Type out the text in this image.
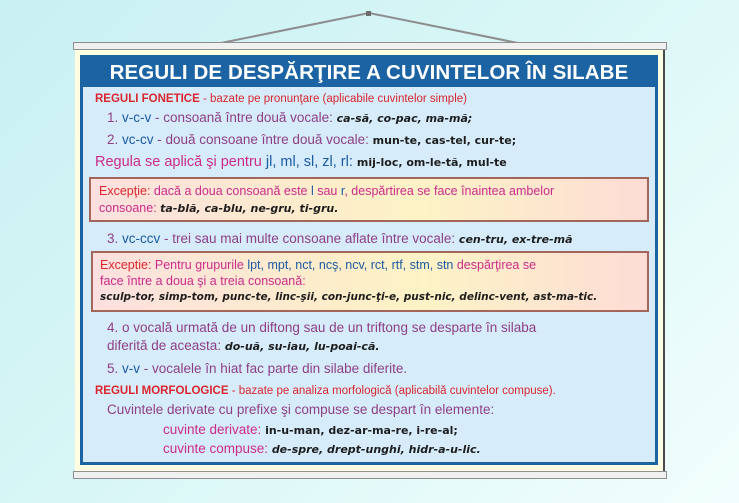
REGULI DE DESPĂRŢIRE A CUVINTELOR ÎN SILABE
REGULI FONETICE - bazate pe pronunţare (aplicabile cuvintelor simple)
1. v-c-v - consoană între două vocale: ca-să, co-pac, ma-mă;
2. vc-cv - două consoane între două vocale: mun-te, cas-tel, cur-te;
Regula se aplică şi pentru jl, ml, sl, zl, rl: mij-loc, om-le-tă, mul-te
Excepţie: dacă a doua consoană este l sau r, despărtirea se face înaintea ambelor
consoane: ta-blă, ca-blu, ne-gru, ti-gru.
3. vc-ccv - trei sau mai multe consoane aflate între vocale: cen-tru, ex-tre-mă
Exceptie: Pentru grupurile lpt, mpt, nct, ncş, ncv, rct, rtf, stm, stn despărţirea se
face între a doua şi a treia consoană:
sculp-tor, simp-tom, punc-te, linc-şii, con-junc-ţi-e, pust-nic, delinc-vent, ast-ma-tic.
4. o vocală urmată de un diftong sau de un triftong se desparte în silaba
diferită de aceasta: do-uă, su-iau, lu-poai-că.
5. v-v - vocalele în hiat fac parte din silabe diferite.
REGULI MORFOLOGICE - bazate pe analiza morfologică (aplicabilă cuvintelor compuse).
Cuvintele derivate cu prefixe şi compuse se despart în elemente:
cuvinte derivate: in-u-man, dez-ar-ma-re, i-re-al;
cuvinte compuse: de-spre, drept-unghi, hidr-a-u-lic.
